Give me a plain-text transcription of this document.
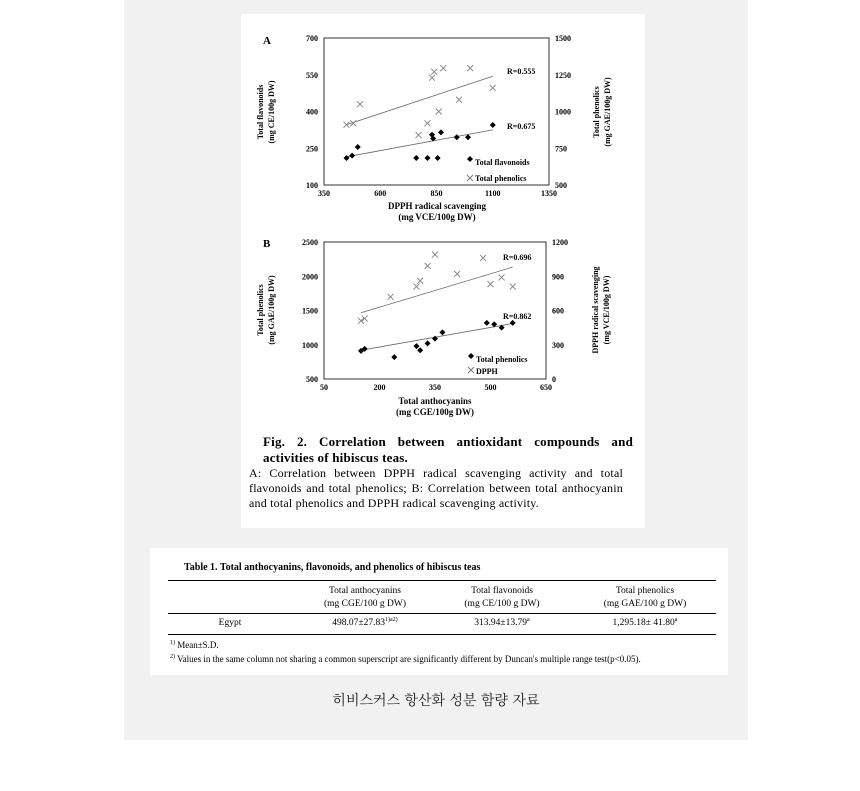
A
350	600	850	1100	1350
100
250
400
550
700
500
750
1000
1250
1500
Total flavonoids (mg CE/100g DW)	Total phenolics (mg GAE/100g DW)
DPPH radical scavenging
(mg VCE/100g DW)
R=0.555
R=0.675
Total flavonoids
Total phenolics
B
50	200	350	500	650
500
1000
1500
2000
2500
0
300
600
900
1200
Total phenolics (mg GAE/100g DW)	DPPH radical scavenging (mg VCE/100g DW)
Total anthocyanins
(mg CGE/100g DW)
R=0.696
R=0.862
Total phenolics
DPPH
Fig. 2. Correlation between antioxidant compounds and activities of hibiscus teas.
A: Correlation between DPPH radical scavenging activity and total flavonoids and total phenolics; B: Correlation between total anthocyanin and total phenolics and DPPH radical scavenging activity.
Table 1. Total anthocyanins, flavonoids, and phenolics of hibiscus teas
Total anthocyanins
(mg CGE/100 g DW)
Total flavonoids
(mg CE/100 g DW)
Total phenolics
(mg GAE/100 g DW)
Egypt	$498.07\pm 27.83^{1)a2)}$	313.94±13.79$^a$	1,295.18± 41.80$^a$
$^{1)}$ Mean±S.D.
$^{2)}$ Values in the same column not sharing a common superscript are significantly different by Duncan's multiple range test(p<0.05).
히비스커스 항산화 성분 함량 자료
